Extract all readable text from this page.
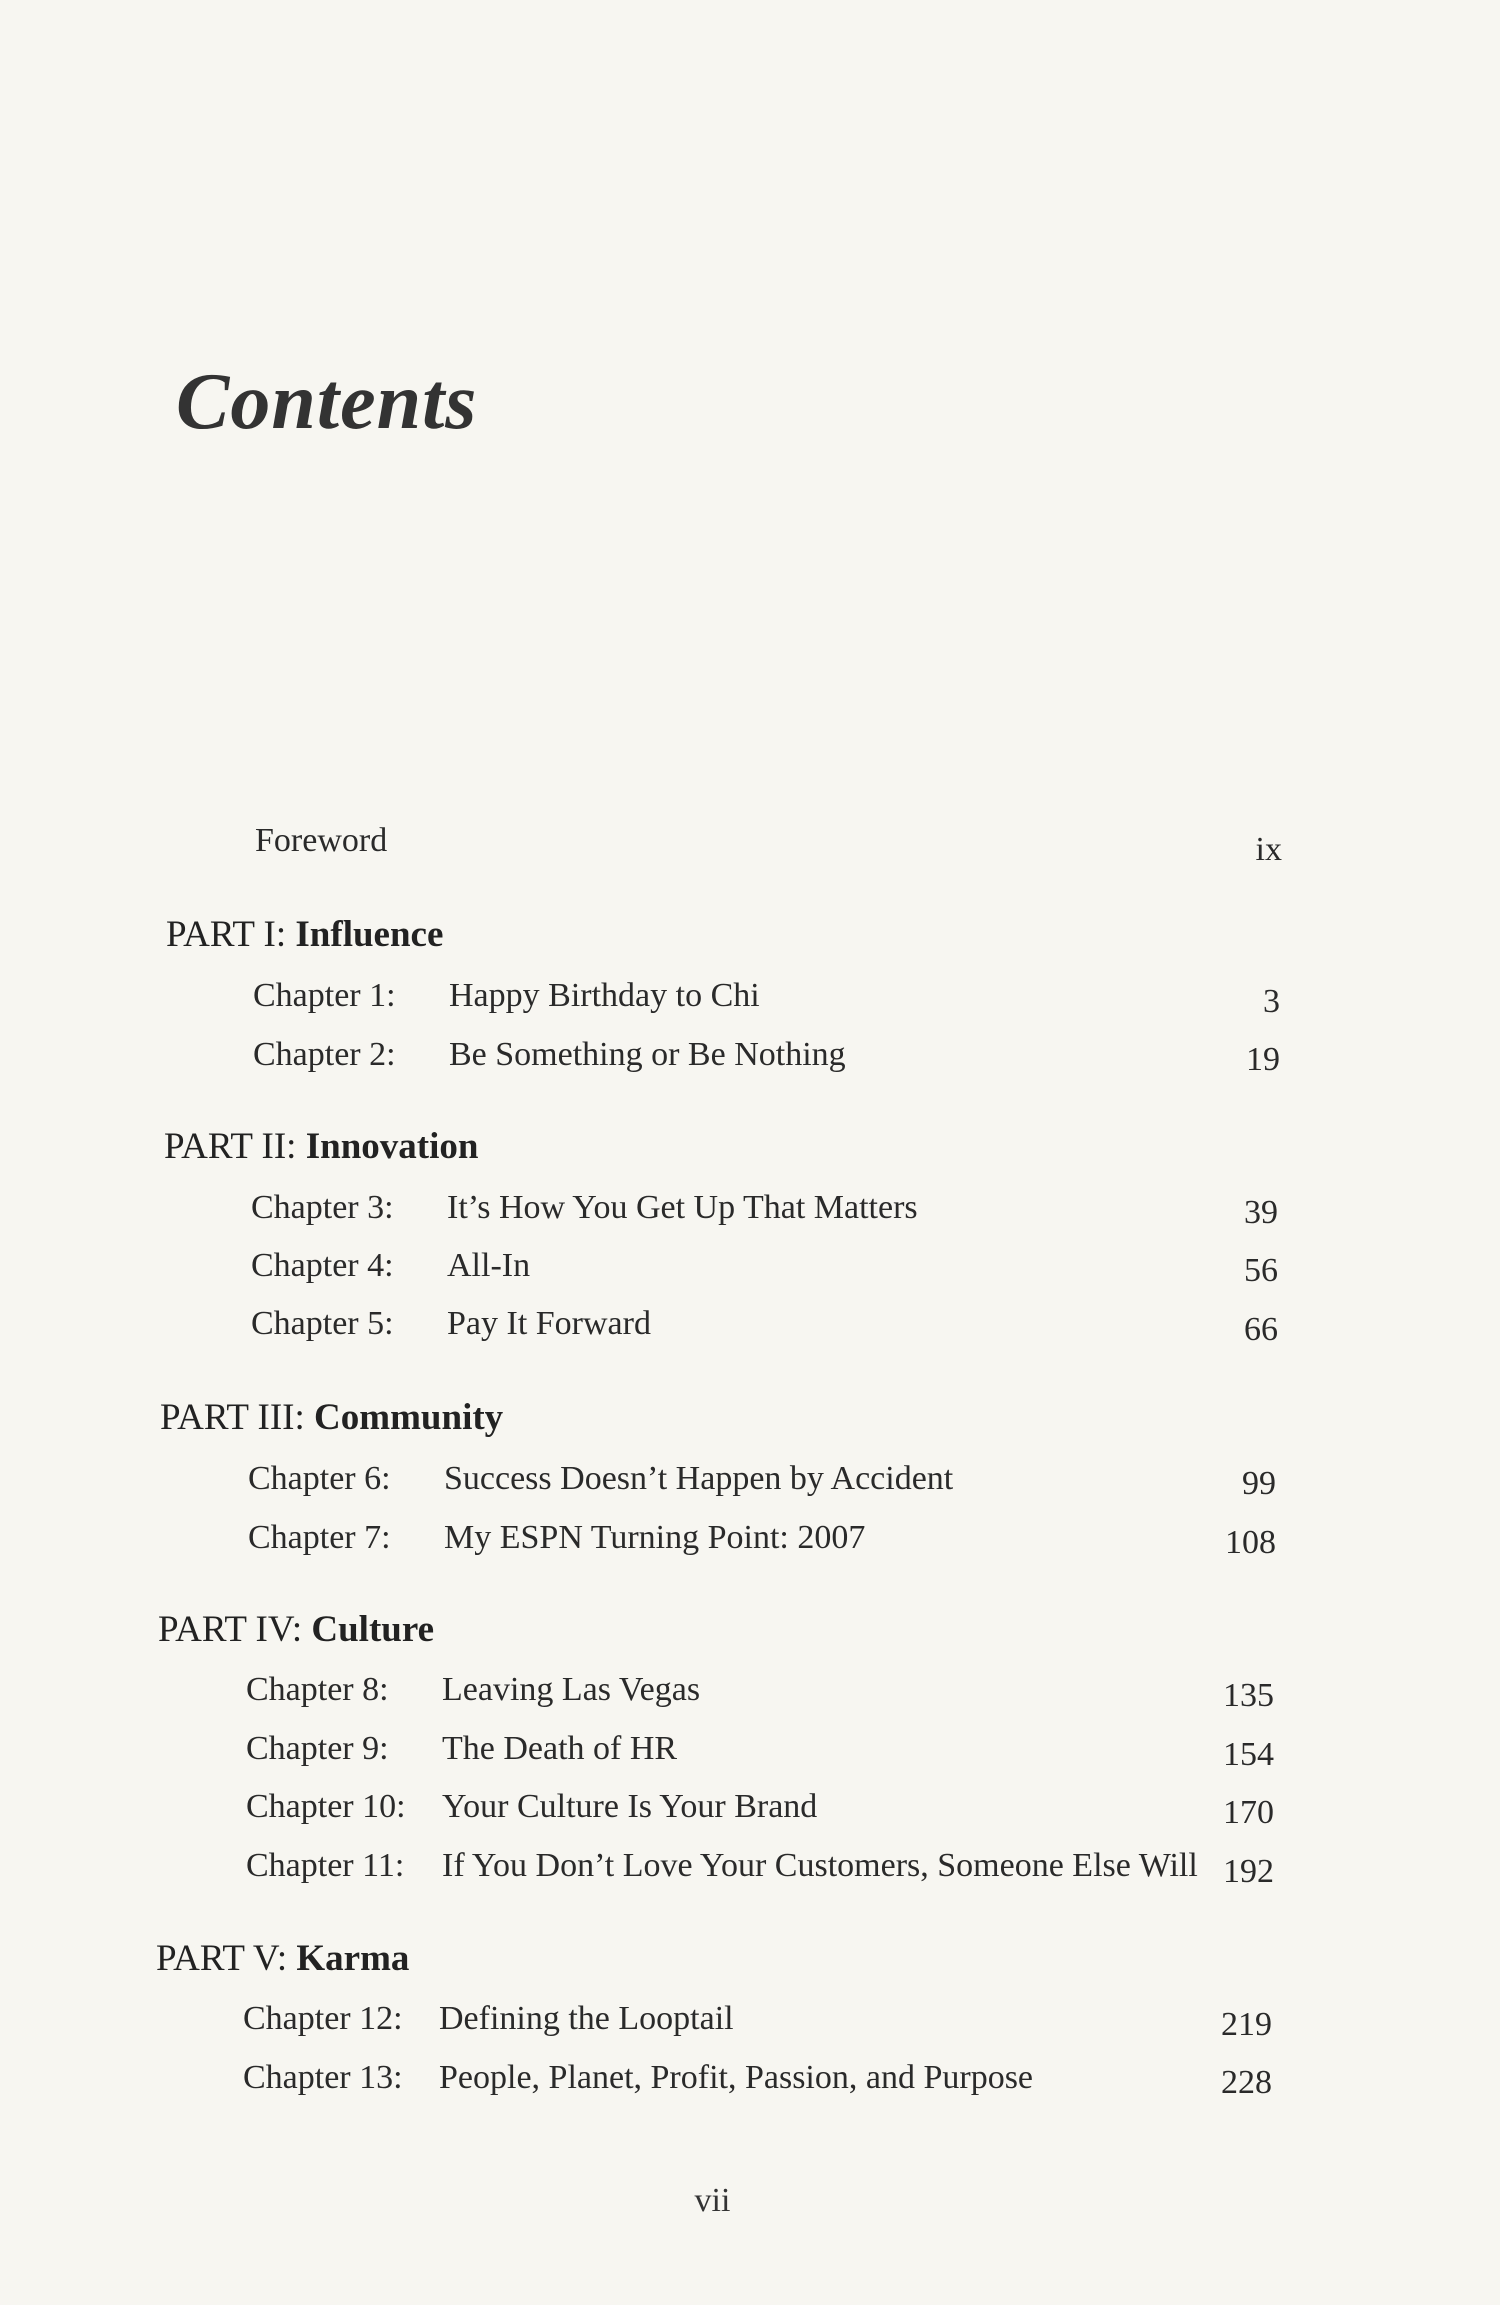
Contents
Foreword	ix
PART I: Influence
Chapter 1: Happy Birthday to Chi	3
Chapter 2: Be Something or Be Nothing	19
PART II: Innovation
Chapter 3: It’s How You Get Up That Matters	39
Chapter 4: All-In	56
Chapter 5: Pay It Forward	66
PART III: Community
Chapter 6: Success Doesn’t Happen by Accident	99
Chapter 7: My ESPN Turning Point: 2007	108
PART IV: Culture
Chapter 8: Leaving Las Vegas	135
Chapter 9: The Death of HR	154
Chapter 10: Your Culture Is Your Brand	170
Chapter 11: If You Don’t Love Your Customers, Someone Else Will 192
PART V: Karma
Chapter 12: Defining the Looptail	219
Chapter 13: People, Planet, Profit, Passion, and Purpose	228
vii
